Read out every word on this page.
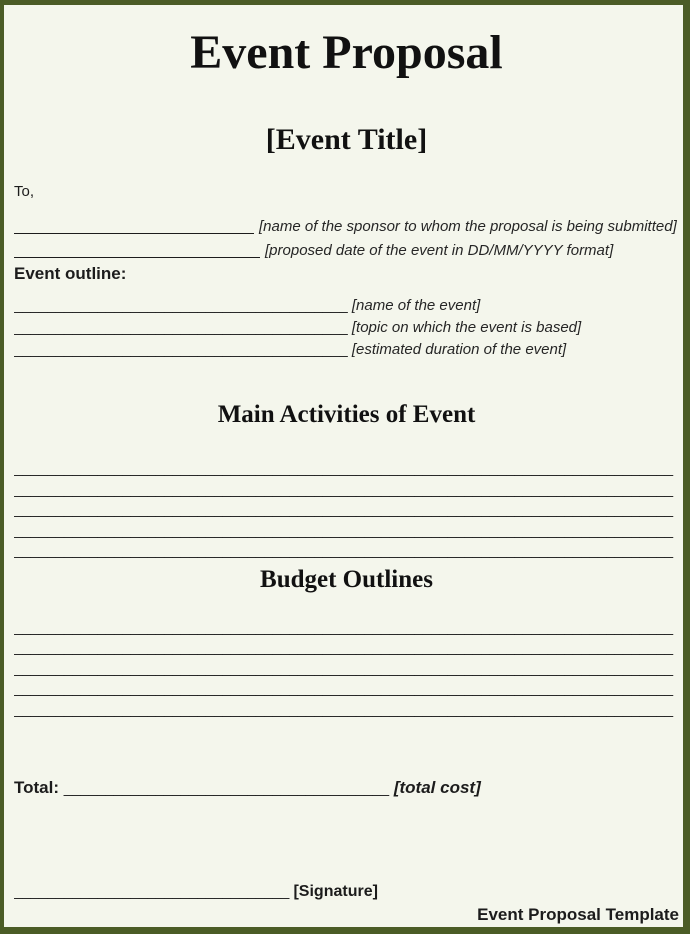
Event Proposal
[Event Title]
To,
[name of the sponsor to whom the proposal is being submitted]
[proposed date of the event in DD/MM/YYYY format]
Event outline:
________________________________________ [name of the event]
________________________________________ [topic on which the event is based]
________________________________________ [estimated duration of the event]
Main Activities of Event
_______________________________________________________________________________
_______________________________________________________________________________
_______________________________________________________________________________
_______________________________________________________________________________
_______________________________________________________________________________
Budget Outlines
_______________________________________________________________________________
_______________________________________________________________________________
_______________________________________________________________________________
_______________________________________________________________________________
_______________________________________________________________________________
Total: _______________________________________ [total cost]
_________________________________ [Signature]
Event Proposal Template
